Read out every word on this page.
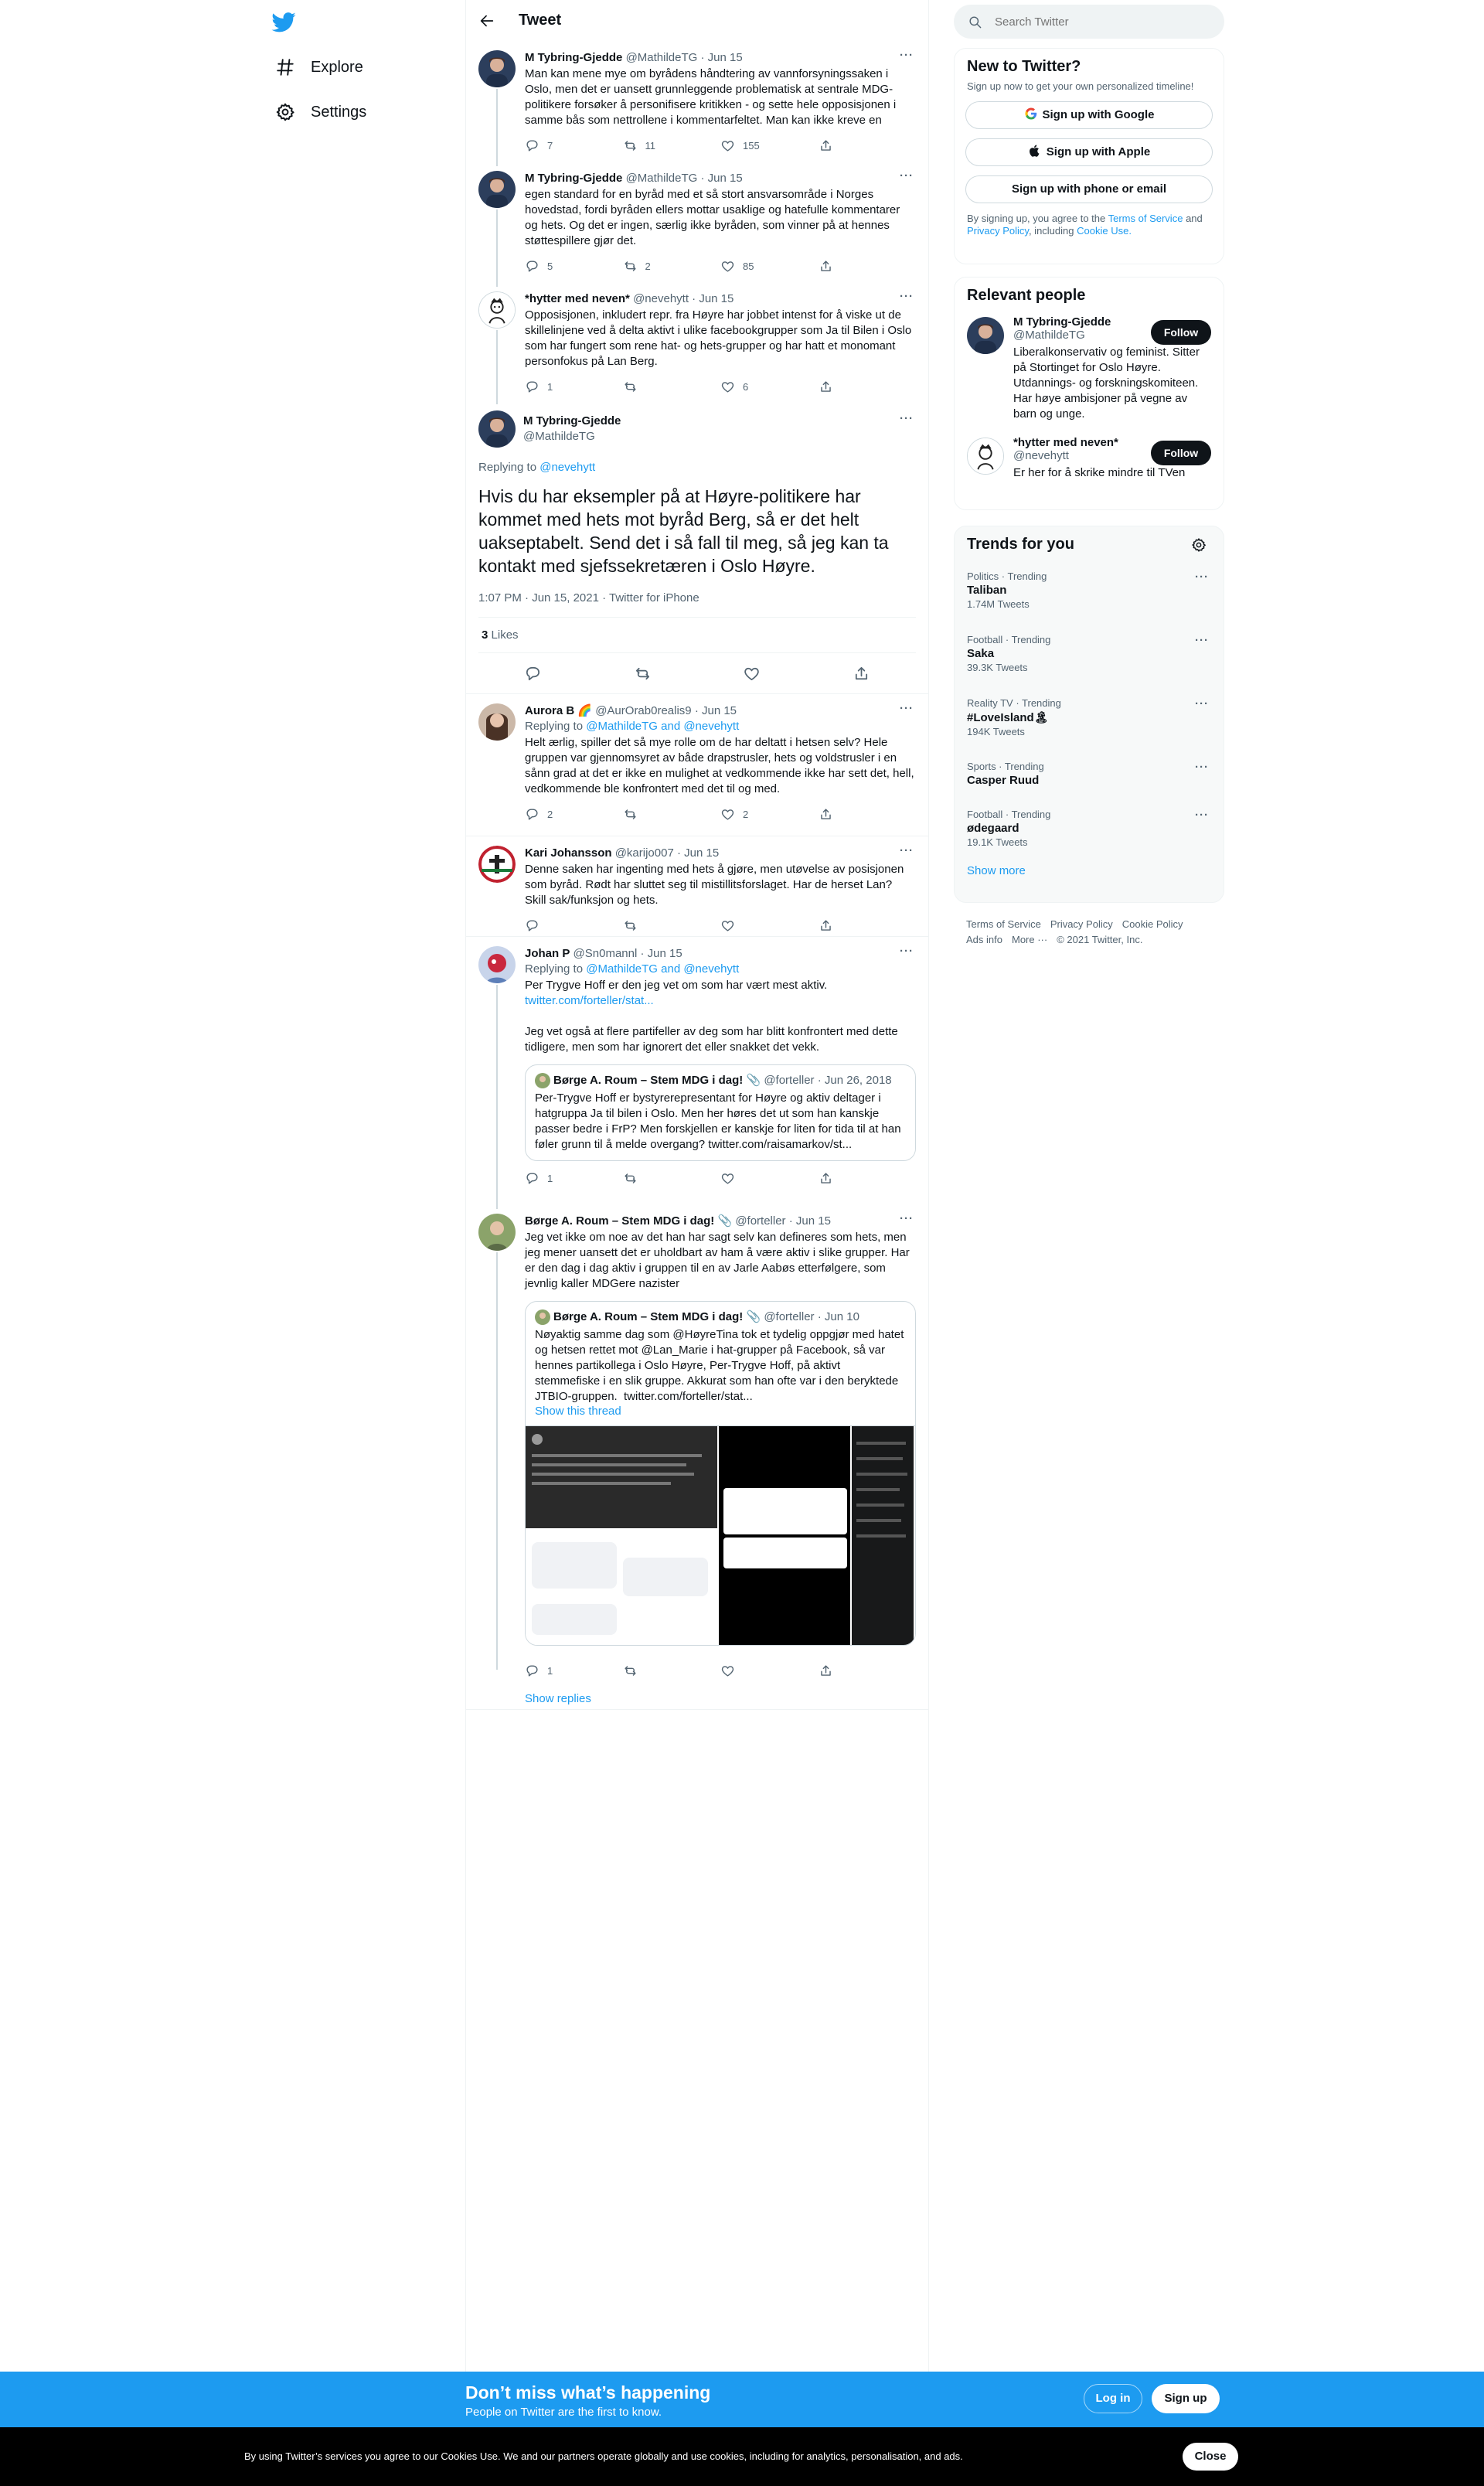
Explore
Settings
Tweet
M Tybring-Gjedde @MathildeTG · Jun 15	···
Man kan mene mye om byrådens håndtering av vannforsyningssaken i Oslo, men det er uansett grunnleggende problematisk at sentrale MDG-politikere forsøker å personifisere kritikken - og sette hele opposisjonen i samme bås som nettrollene i kommentarfeltet. Man kan ikke kreve en
7	11	155
M Tybring-Gjedde @MathildeTG · Jun 15	···
egen standard for en byråd med et så stort ansvarsområde i Norges hovedstad, fordi byråden ellers mottar usaklige og hatefulle kommentarer og hets. Og det er ingen, særlig ikke byråden, som vinner på at hennes støttespillere gjør det.
5	2	85
*hytter med neven* @nevehytt · Jun 15	···
Opposisjonen, inkludert repr. fra Høyre har jobbet intenst for å viske ut de skillelinjene ved å delta aktivt i ulike facebookgrupper som Ja til Bilen i Oslo som har fungert som rene hat- og hets-grupper og har hatt et monomant personfokus på Lan Berg.
1	6
M Tybring-Gjedde
@MathildeTG
···
Replying to @nevehytt
Hvis du har eksempler på at Høyre-politikere har kommet med hets mot byråd Berg, så er det helt uakseptabelt. Send det i så fall til meg, så jeg kan ta kontakt med sjefssekretæren i Oslo Høyre.
1:07 PM · Jun 15, 2021 · Twitter for iPhone
3 Likes
Aurora B 🌈 @AurOrab0realis9 · Jun 15	···
Replying to @MathildeTG and @nevehytt
Helt ærlig, spiller det så mye rolle om de har deltatt i hetsen selv? Hele gruppen var gjennomsyret av både drapstrusler, hets og voldstrusler i en sånn grad at det er ikke en mulighet at vedkommende ikke har sett det, hell, vedkommende ble konfrontert med det til og med.
2	2
Kari Johansson @karijo007 · Jun 15	···
Denne saken har ingenting med hets å gjøre, men utøvelse av posisjonen som byråd. Rødt har sluttet seg til mistillitsforslaget. Har de herset Lan? Skill sak/funksjon og hets.
Johan P @Sn0mannl · Jun 15	···
Replying to @MathildeTG and @nevehytt
Per Trygve Hoff er den jeg vet om som har vært mest aktiv.
twitter.com/forteller/stat...
Jeg vet også at flere partifeller av deg som har blitt konfrontert med dette tidligere, men som har ignorert det eller snakket det vekk.
Børge A. Roum – Stem MDG i dag! 📎 @forteller · Jun 26, 2018
Per-Trygve Hoff er bystyrerepresentant for Høyre og aktiv deltager i hatgruppa Ja til bilen i Oslo. Men her høres det ut som han kanskje passer bedre i FrP? Men forskjellen er kanskje for liten for tida til at han føler grunn til å melde overgang? twitter.com/raisamarkov/st...
1
Børge A. Roum – Stem MDG i dag! 📎 @forteller · Jun 15	···
Jeg vet ikke om noe av det han har sagt selv kan defineres som hets, men jeg mener uansett det er uholdbart av ham å være aktiv i slike grupper. Har er den dag i dag aktiv i gruppen til en av Jarle Aabøs etterfølgere, som jevnlig kaller MDGere nazister
Børge A. Roum – Stem MDG i dag! 📎 @forteller · Jun 10
Nøyaktig samme dag som @HøyreTina tok et tydelig oppgjør med hatet og hetsen rettet mot @Lan_Marie i hat-grupper på Facebook, så var hennes partikollega i Oslo Høyre, Per-Trygve Hoff, på aktivt stemmefiske i en slik gruppe. Akkurat som han ofte var i den beryktede JTBIO-gruppen.  twitter.com/forteller/stat...
Show this thread
1
Show replies
Search Twitter
New to Twitter?
Sign up now to get your own personalized timeline!
Sign up with Google
Sign up with Apple
Sign up with phone or email
By signing up, you agree to the Terms of Service and Privacy Policy, including Cookie Use.
Relevant people
M Tybring-Gjedde
@MathildeTG
Liberalkonservativ og feminist. Sitter på Stortinget for Oslo Høyre. Utdannings- og forskningskomiteen. Har høye ambisjoner på vegne av barn og unge.
Follow
*hytter med neven*
@nevehytt
Er her for å skrike mindre til TVen
Follow
Trends for you
Politics · Trending
Taliban
1.74M Tweets
···
Football · Trending
Saka
39.3K Tweets
···
Reality TV · Trending
#LoveIsland🏝
194K Tweets
···
Sports · Trending
Casper Ruud
···
Football · Trending
ødegaard
19.1K Tweets
···
Show more
Terms of Service Privacy Policy Cookie Policy
Ads info More ··· © 2021 Twitter, Inc.
Don’t miss what’s happening
People on Twitter are the first to know.
Log in	Sign up
By using Twitter’s services you agree to our Cookies Use. We and our partners operate globally and use cookies, including for analytics, personalisation, and ads.	Close
